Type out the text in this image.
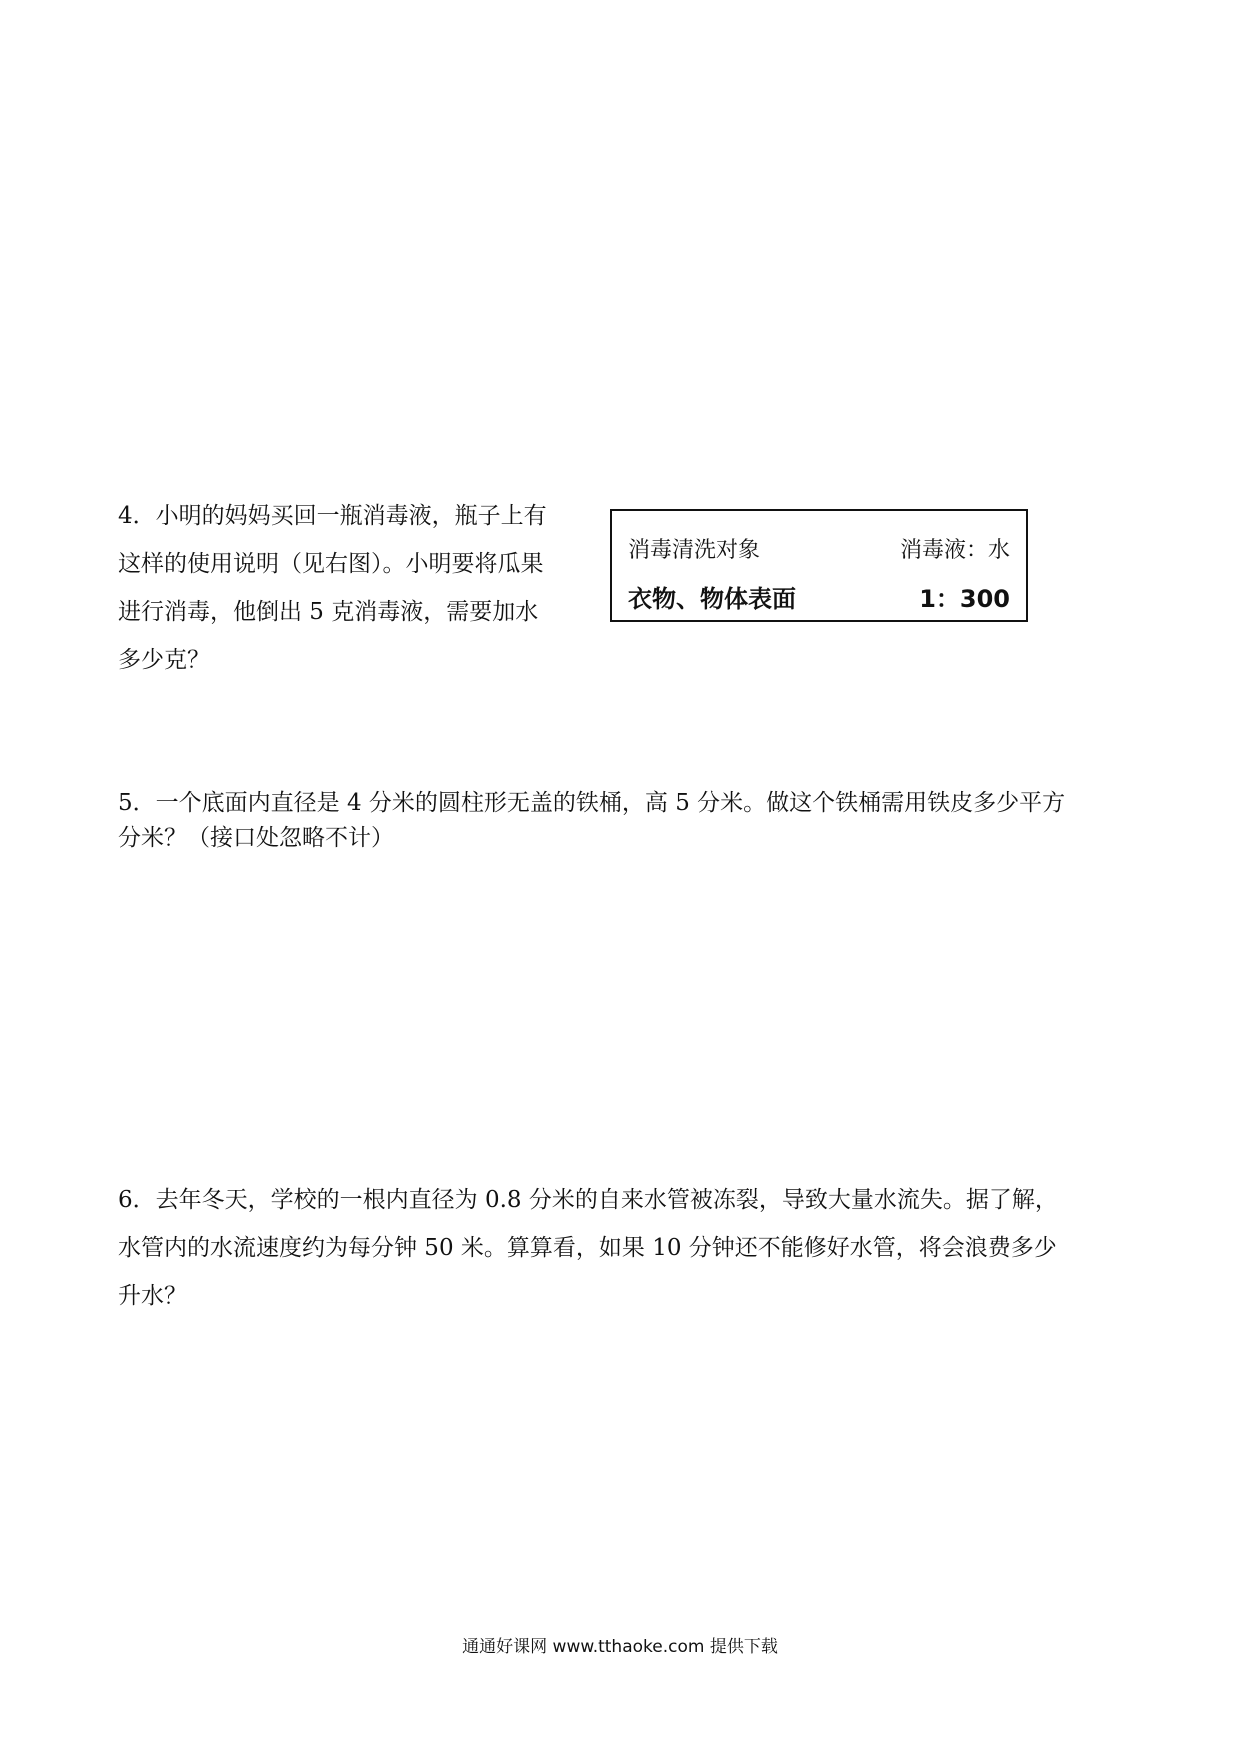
4．小明的妈妈买回一瓶消毒液，瓶子上有
这样的使用说明（见右图）。小明要将瓜果
进行消毒，他倒出 5 克消毒液，需要加水
多少克？
消毒清洗对象	消毒液：水
衣物、物体表面	1：300
5．一个底面内直径是 4 分米的圆柱形无盖的铁桶，高 5 分米。做这个铁桶需用铁皮多少平方
分米？（接口处忽略不计）
6．去年冬天，学校的一根内直径为 0.8 分米的自来水管被冻裂，导致大量水流失。据了解，
水管内的水流速度约为每分钟 50 米。算算看，如果 10 分钟还不能修好水管，将会浪费多少
升水？
通通好课网 www.tthaoke.com 提供下载
